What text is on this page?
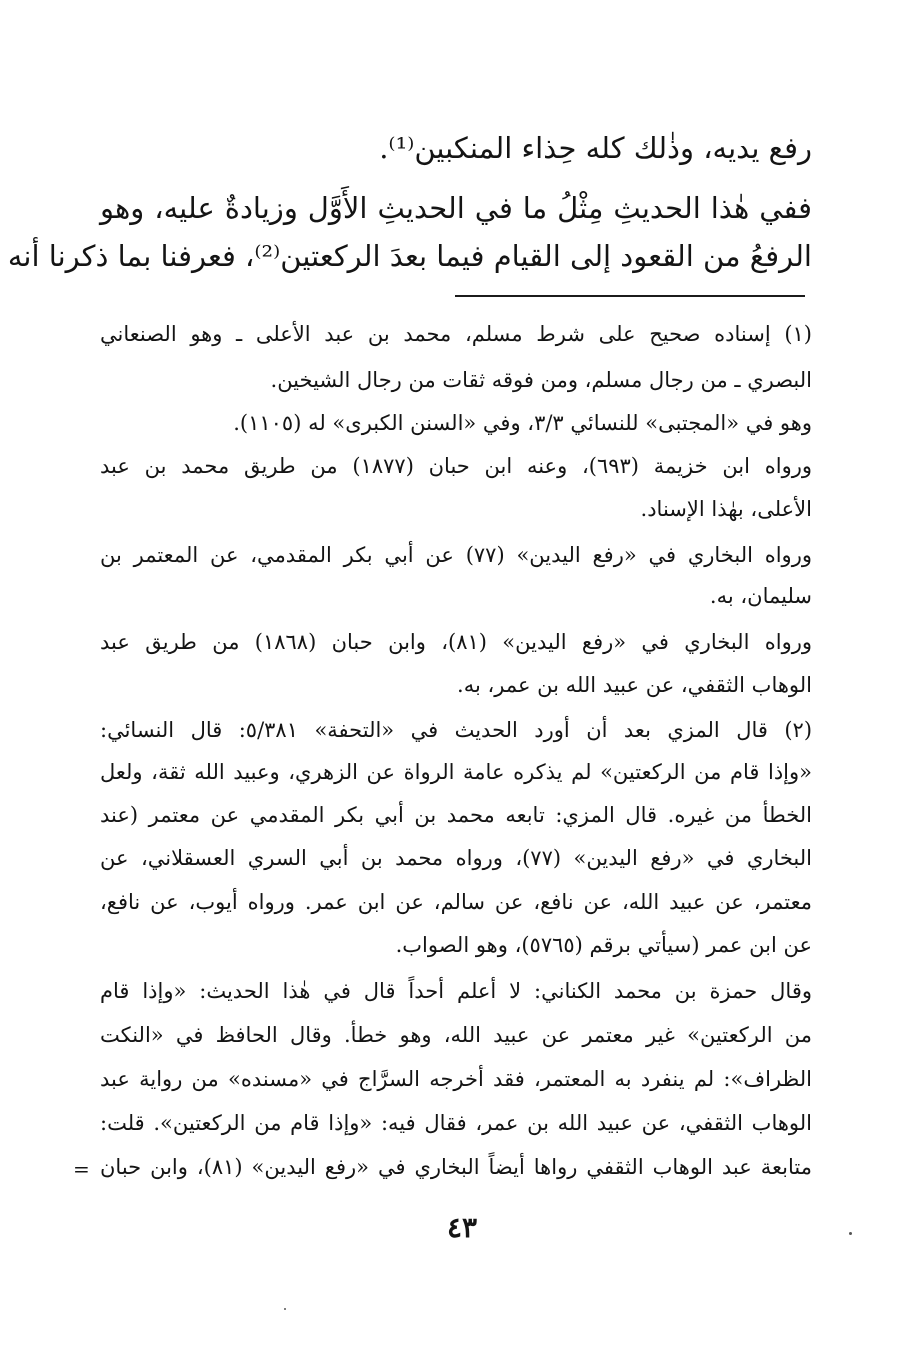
رفع يديه، وذٰلك كله حِذاء المنكبين⁽¹⁾.
ففي هٰذا الحديثِ مِثْلُ ما في الحديثِ الأَوَّل وزيادةٌ عليه، وهو
الرفعُ من القعود إلى القيام فيما بعدَ الركعتين⁽²⁾، فعرفنا بما ذكرنا أنه
(١) إسناده صحيح على شرط مسلم، محمد بن عبد الأعلى ـ وهو الصنعاني
البصري ـ من رجال مسلم، ومن فوقه ثقات من رجال الشيخين.
وهو في «المجتبى» للنسائي ٣/٣، وفي «السنن الكبرى» له (١١٠٥).
ورواه ابن خزيمة (٦٩٣)، وعنه ابن حبان (١٨٧٧) من طريق محمد بن عبد
الأعلى، بهٰذا الإسناد.
ورواه البخاري في «رفع اليدين» (٧٧) عن أبي بكر المقدمي، عن المعتمر بن
سليمان، به.
ورواه البخاري في «رفع اليدين» (٨١)، وابن حبان (١٨٦٨) من طريق عبد
الوهاب الثقفي، عن عبيد الله بن عمر، به.
(٢) قال المزي بعد أن أورد الحديث في «التحفة» ٥/٣٨١: قال النسائي:
«وإذا قام من الركعتين» لم يذكره عامة الرواة عن الزهري، وعبيد الله ثقة، ولعل
الخطأ من غيره. قال المزي: تابعه محمد بن أبي بكر المقدمي عن معتمر (عند
البخاري في «رفع اليدين» (٧٧)، ورواه محمد بن أبي السري العسقلاني، عن
معتمر، عن عبيد الله، عن نافع، عن سالم، عن ابن عمر. ورواه أيوب، عن نافع،
عن ابن عمر (سيأتي برقم (٥٧٦٥)، وهو الصواب.
وقال حمزة بن محمد الكناني: لا أعلم أحداً قال في هٰذا الحديث: «وإذا قام
من الركعتين» غير معتمر عن عبيد الله، وهو خطأ. وقال الحافظ في «النكت
الظراف»: لم ينفرد به المعتمر، فقد أخرجه السرَّاج في «مسنده» من رواية عبد
الوهاب الثقفي، عن عبيد الله بن عمر، فقال فيه: «وإذا قام من الركعتين». قلت:
متابعة عبد الوهاب الثقفي رواها أيضاً البخاري في «رفع اليدين» (٨١)، وابن حبان
=
٤٣
